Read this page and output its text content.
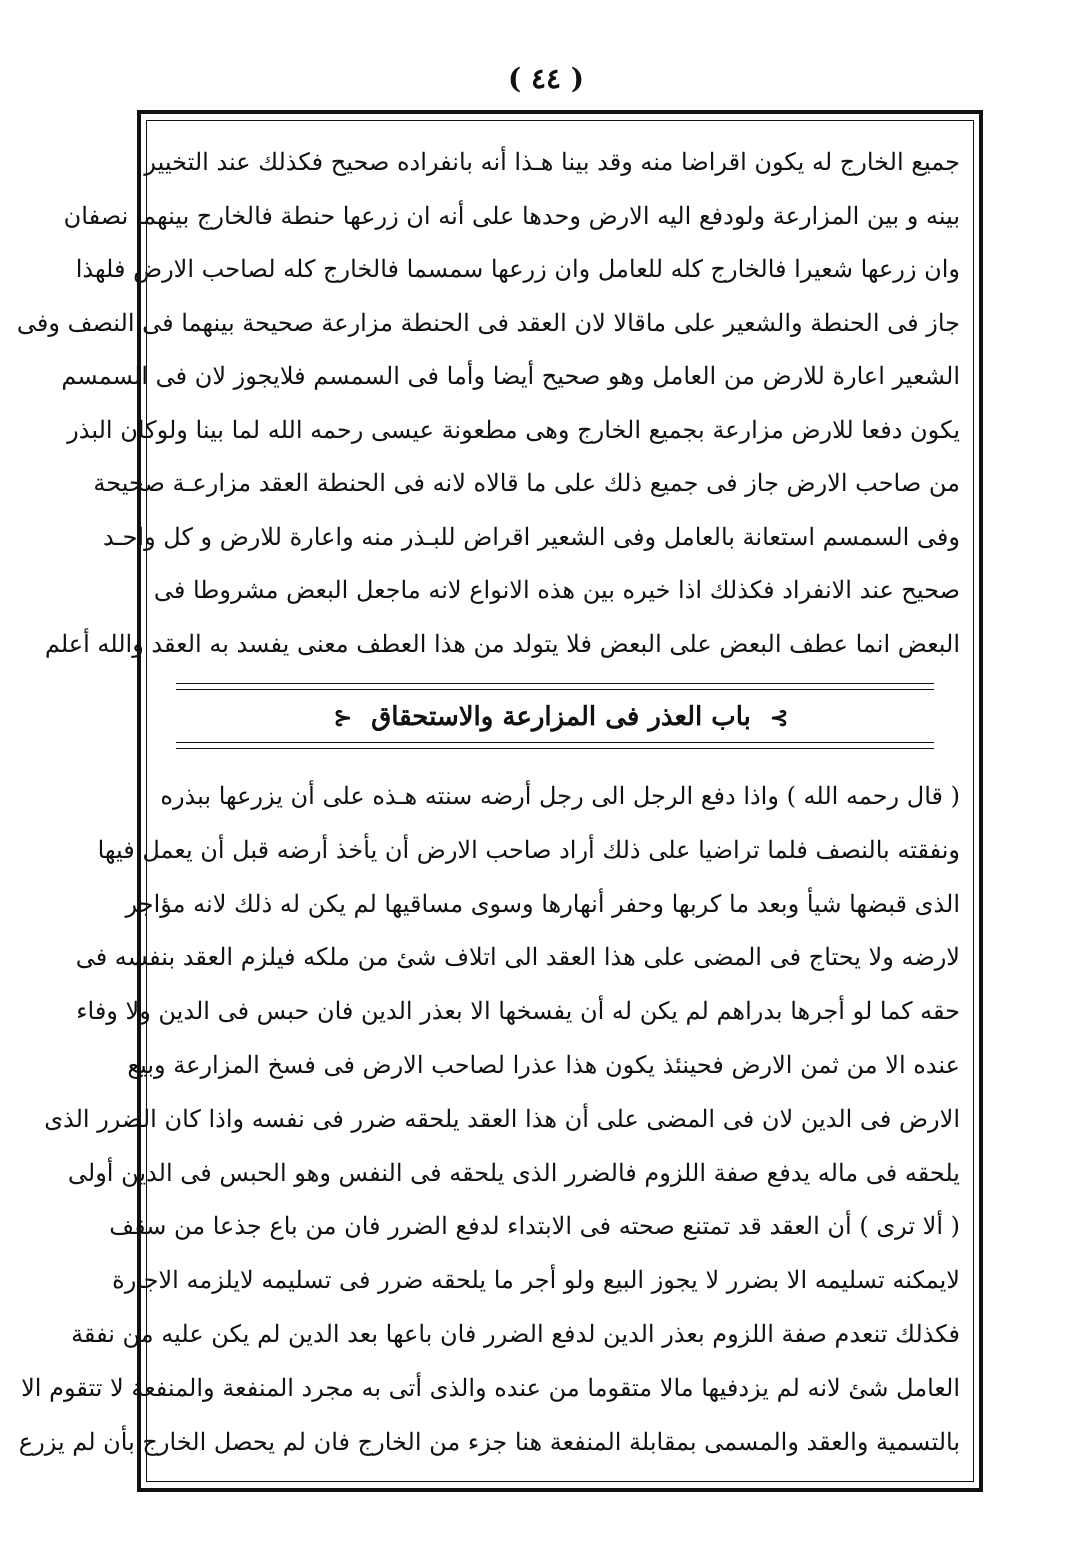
( ٤٤ )
جميع الخارج له يكون اقراضا منه وقد بينا هـذا أنه بانفراده صحيح فكذلك عند التخيير
بينه و بين المزارعة ولودفع اليه الارض وحدها على أنه ان زرعها حنطة فالخارج بينهما نصفان
وان زرعها شعيرا فالخارج كله للعامل وان زرعها سمسما فالخارج كله لصاحب الارض فلهذا
جاز فى الحنطة والشعير على ماقالا لان العقد فى الحنطة مزارعة صحيحة بينهما فى النصف وفى
الشعير اعارة للارض من العامل وهو صحيح أيضا وأما فى السمسم فلايجوز لان فى السمسم
يكون دفعا للارض مزارعة بجميع الخارج وهى مطعونة عيسى رحمه الله لما بينا ولوكان البذر
من صاحب الارض جاز فى جميع ذلك على ما قالاه لانه فى الحنطة العقد مزارعـة صحيحة
وفى السمسم استعانة بالعامل وفى الشعير اقراض للبـذر منه واعارة للارض و كل واحـد
صحيح عند الانفراد فكذلك اذا خيره بين هذه الانواع لانه ماجعل البعض مشروطا فى
البعض انما عطف البعض على البعض فلا يتولد من هذا العطف معنى يفسد به العقد والله أعلم
⊱ باب العذر فى المزارعة والاستحقاق ⊰
( قال رحمه الله ) واذا دفع الرجل الى رجل أرضه سنته هـذه على أن يزرعها ببذره
ونفقته بالنصف فلما تراضيا على ذلك أراد صاحب الارض أن يأخذ أرضه قبل أن يعمل فيها
الذى قبضها شيأ وبعد ما كربها وحفر أنهارها وسوى مساقيها لم يكن له ذلك لانه مؤاجر
لارضه ولا يحتاج فى المضى على هذا العقد الى اتلاف شئ من ملكه فيلزم العقد بنفسه فى
حقه كما لو أجرها بدراهم لم يكن له أن يفسخها الا بعذر الدين فان حبس فى الدين ولا وفاء
عنده الا من ثمن الارض فحينئذ يكون هذا عذرا لصاحب الارض فى فسخ المزارعة وبيع
الارض فى الدين لان فى المضى على أن هذا العقد يلحقه ضرر فى نفسه واذا كان الضرر الذى
يلحقه فى ماله يدفع صفة اللزوم فالضرر الذى يلحقه فى النفس وهو الحبس فى الدين أولى
( ألا ترى ) أن العقد قد تمتنع صحته فى الابتداء لدفع الضرر فان من باع جذعا من سقف
لايمكنه تسليمه الا بضرر لا يجوز البيع ولو أجر ما يلحقه ضرر فى تسليمه لايلزمه الاجارة
فكذلك تنعدم صفة اللزوم بعذر الدين لدفع الضرر فان باعها بعد الدين لم يكن عليه من نفقة
العامل شئ لانه لم يزدفيها مالا متقوما من عنده والذى أتى به مجرد المنفعة والمنفعة لا تتقوم الا
بالتسمية والعقد والمسمى بمقابلة المنفعة هنا جزء من الخارج فان لم يحصل الخارج بأن لم يزرع
